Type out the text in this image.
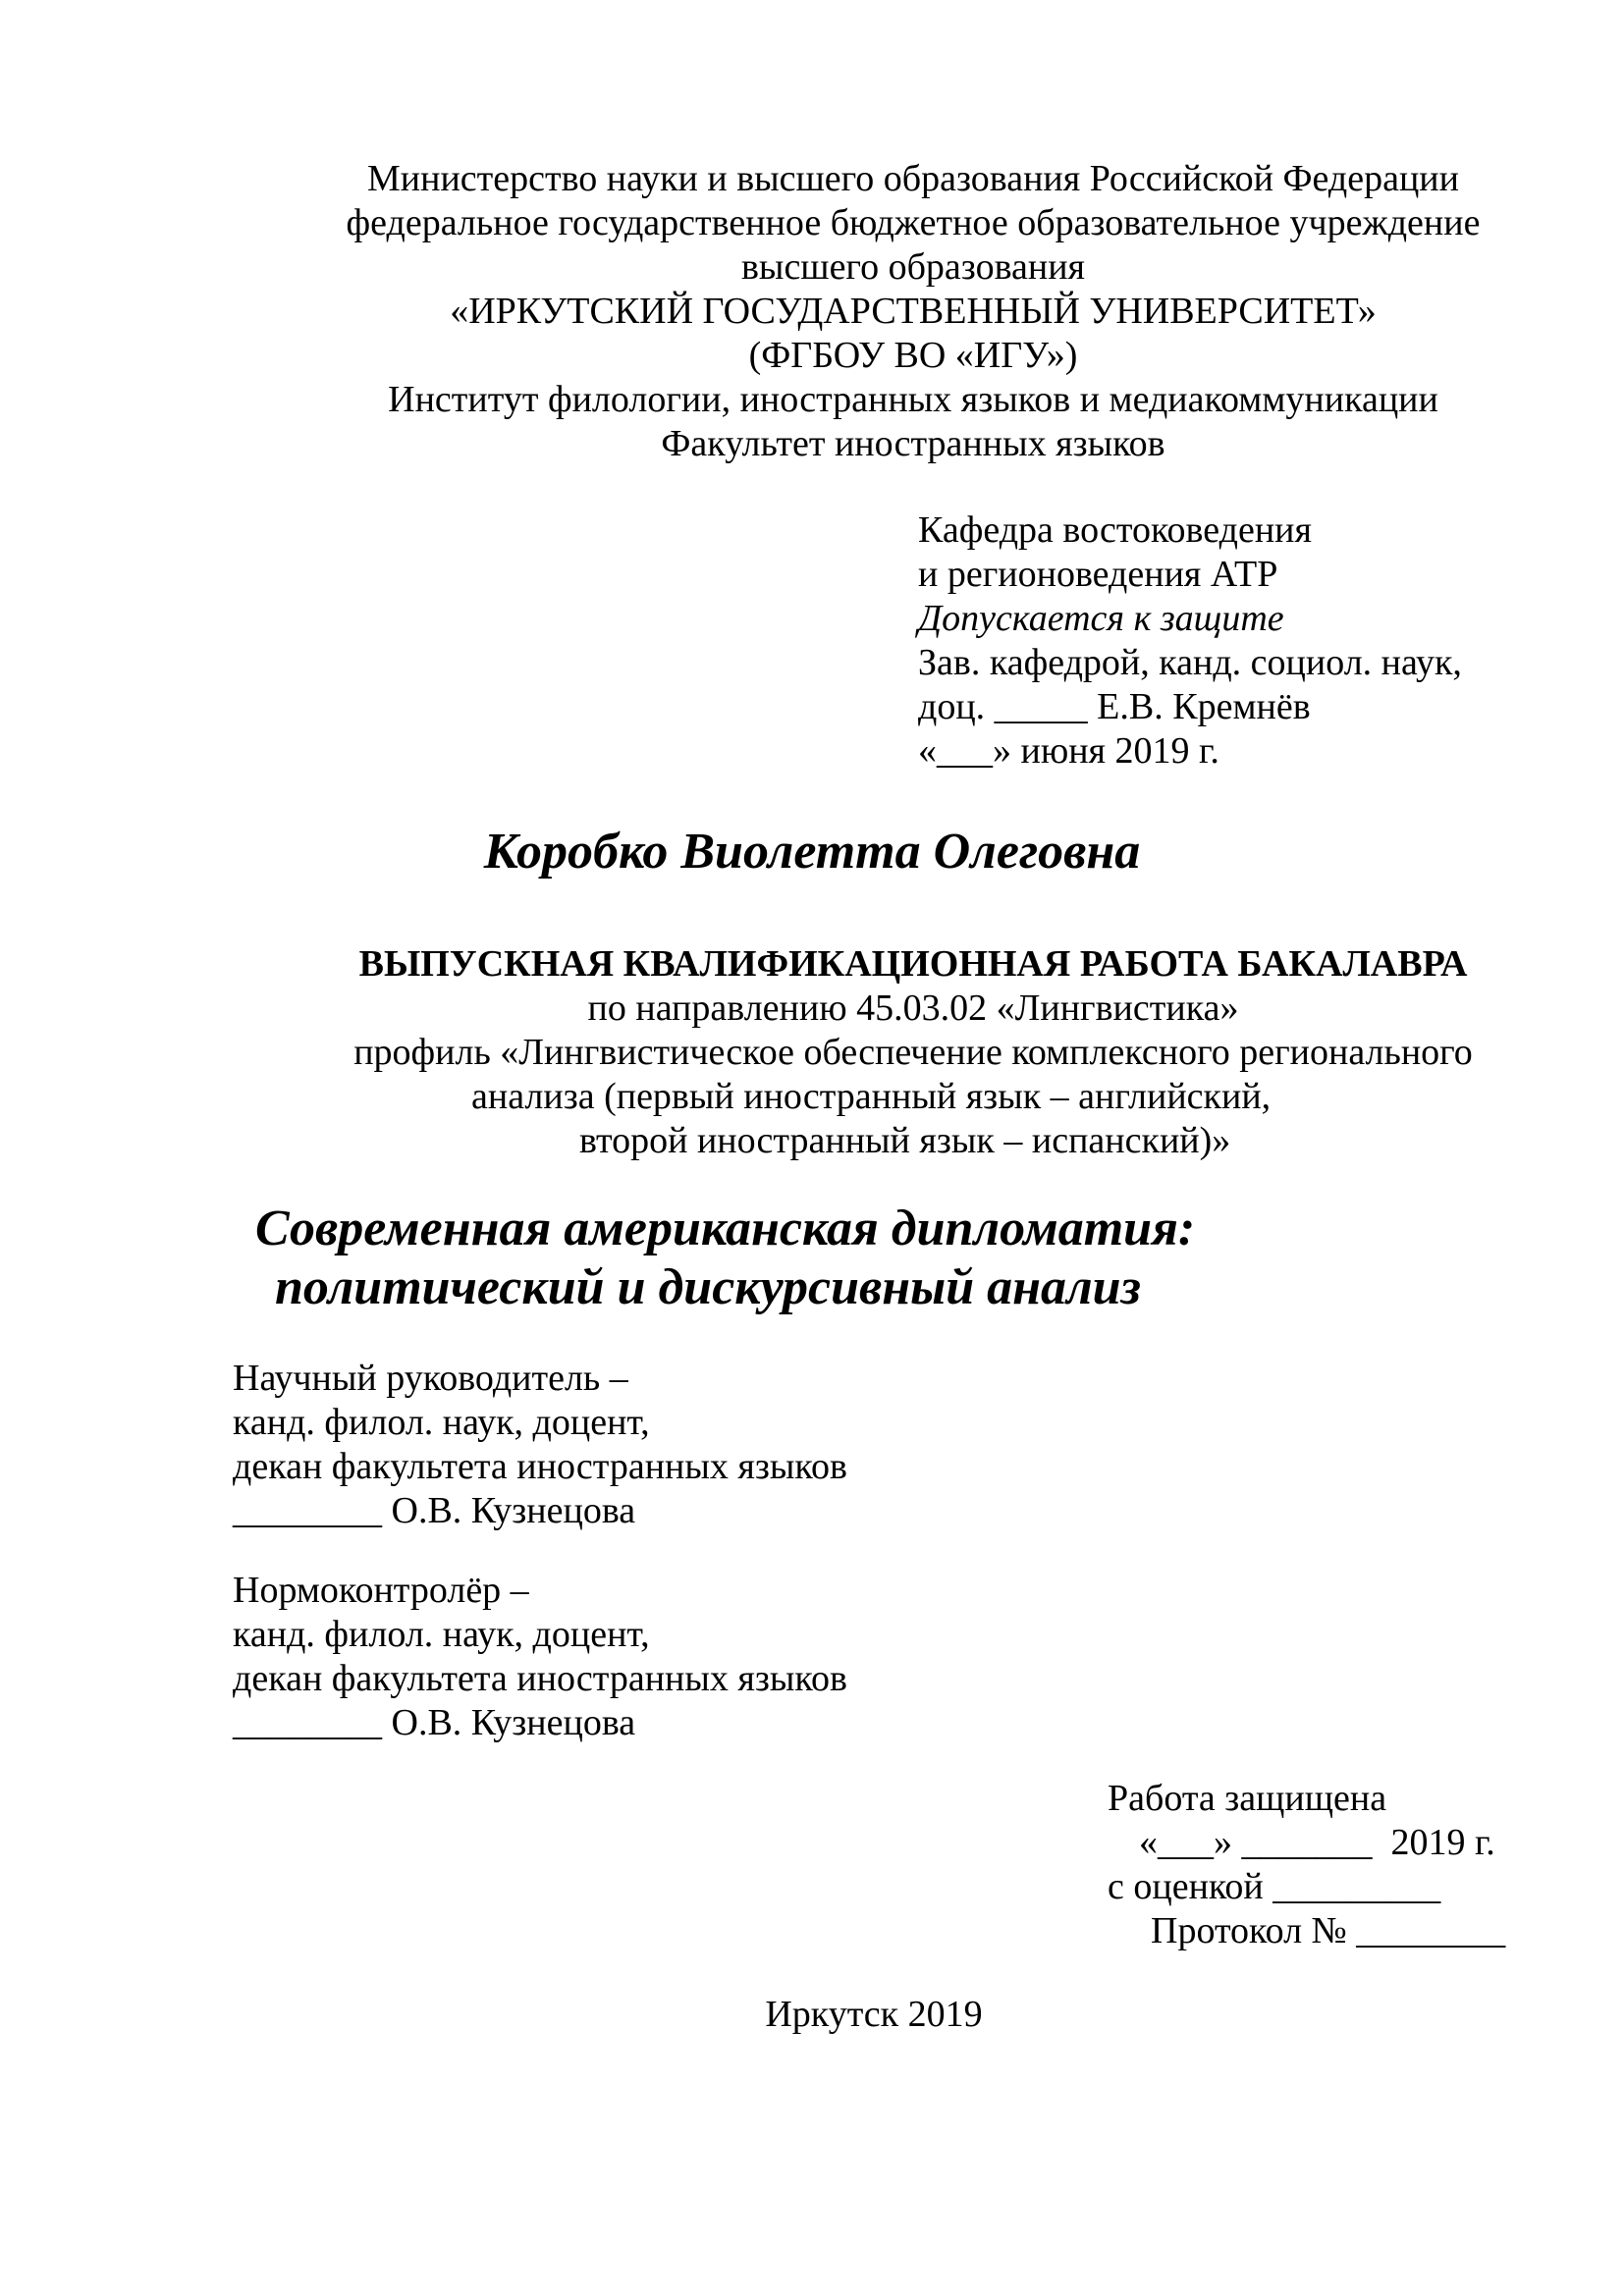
Министерство науки и высшего образования Российской Федерации
федеральное государственное бюджетное образовательное учреждение
высшего образования
«ИРКУТСКИЙ ГОСУДАРСТВЕННЫЙ УНИВЕРСИТЕТ»
(ФГБОУ ВО «ИГУ»)
Институт филологии, иностранных языков и медиакоммуникации
Факультет иностранных языков
Кафедра востоковедения
и регионоведения АТР
Допускается к защите
Зав. кафедрой, канд. социол. наук,
доц. _____ Е.В. Кремнёв
«___» июня 2019 г.
Коробко Виолетта Олеговна
ВЫПУСКНАЯ КВАЛИФИКАЦИОННАЯ РАБОТА БАКАЛАВРА
по направлению 45.03.02 «Лингвистика»
профиль «Лингвистическое обеспечение комплексного регионального
анализа (первый иностранный язык – английский,
второй иностранный язык – испанский)»
Современная американская дипломатия:
политический и дискурсивный анализ
Научный руководитель –
канд. филол. наук, доцент,
декан факультета иностранных языков
________ О.В. Кузнецова
Нормоконтролёр –
канд. филол. наук, доцент,
декан факультета иностранных языков
________ О.В. Кузнецова
Работа защищена
«___» _______  2019 г.
с оценкой _________
Протокол № ________
Иркутск 2019
